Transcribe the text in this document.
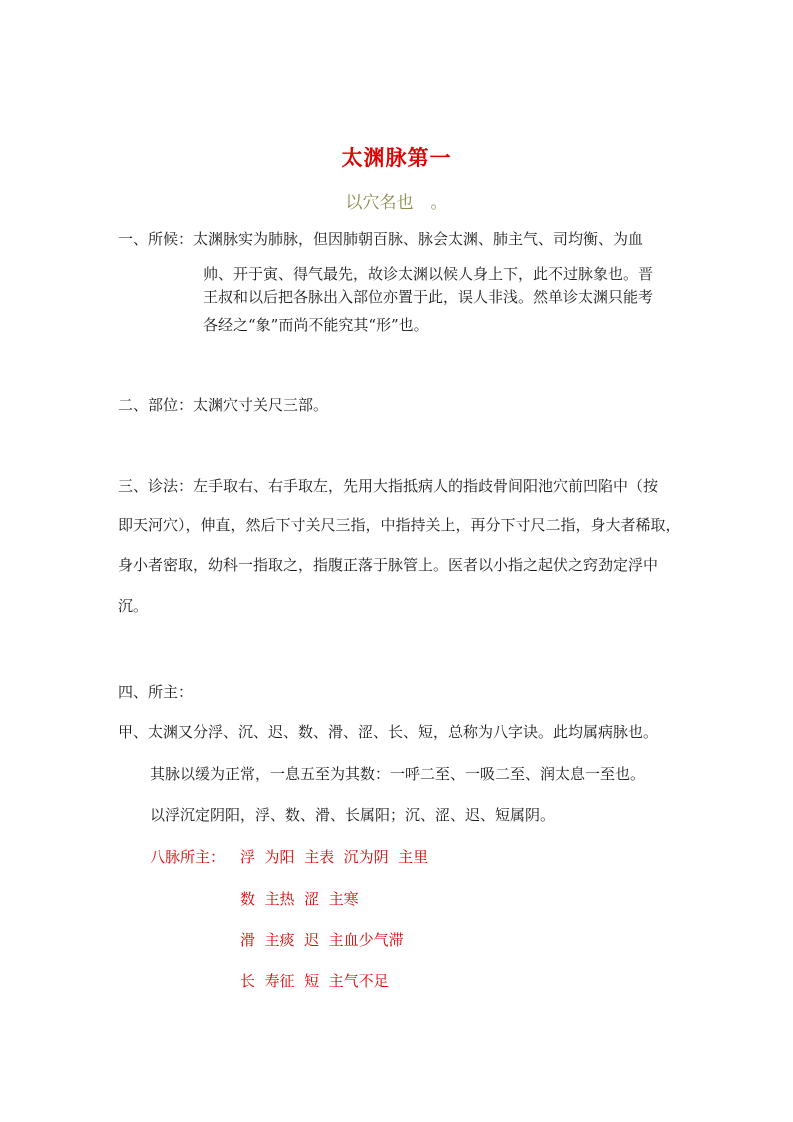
太渊脉第一
以穴名也　。
一、所候：太渊脉实为肺脉，但因肺朝百脉、脉会太渊、肺主气、司均衡、为血
帅、开于寅、得气最先，故诊太渊以候人身上下，此不过脉象也。晋
王叔和以后把各脉出入部位亦置于此，误人非浅。然单诊太渊只能考
各经之“象”而尚不能究其“形”也。
二、部位：太渊穴寸关尺三部。
三、诊法：左手取右、右手取左，先用大指抵病人的指歧骨间阳池穴前凹陷中（按
即天河穴），伸直，然后下寸关尺三指，中指持关上，再分下寸尺二指，身大者稀取，
身小者密取，幼科一指取之，指腹正落于脉管上。医者以小指之起伏之窍劲定浮中
沉。
四、所主：
甲、太渊又分浮、沉、迟、数、滑、涩、长、短，总称为八字诀。此均属病脉也。
其脉以缓为正常，一息五至为其数：一呼二至、一吸二至、润太息一至也。
以浮沉定阴阳，浮、数、滑、长属阳；沉、涩、迟、短属阴。
八脉所主： 浮  为阳  主表  沉为阴  主里
数  主热  涩  主寒
滑  主痰  迟  主血少气滞
长  寿征  短  主气不足
